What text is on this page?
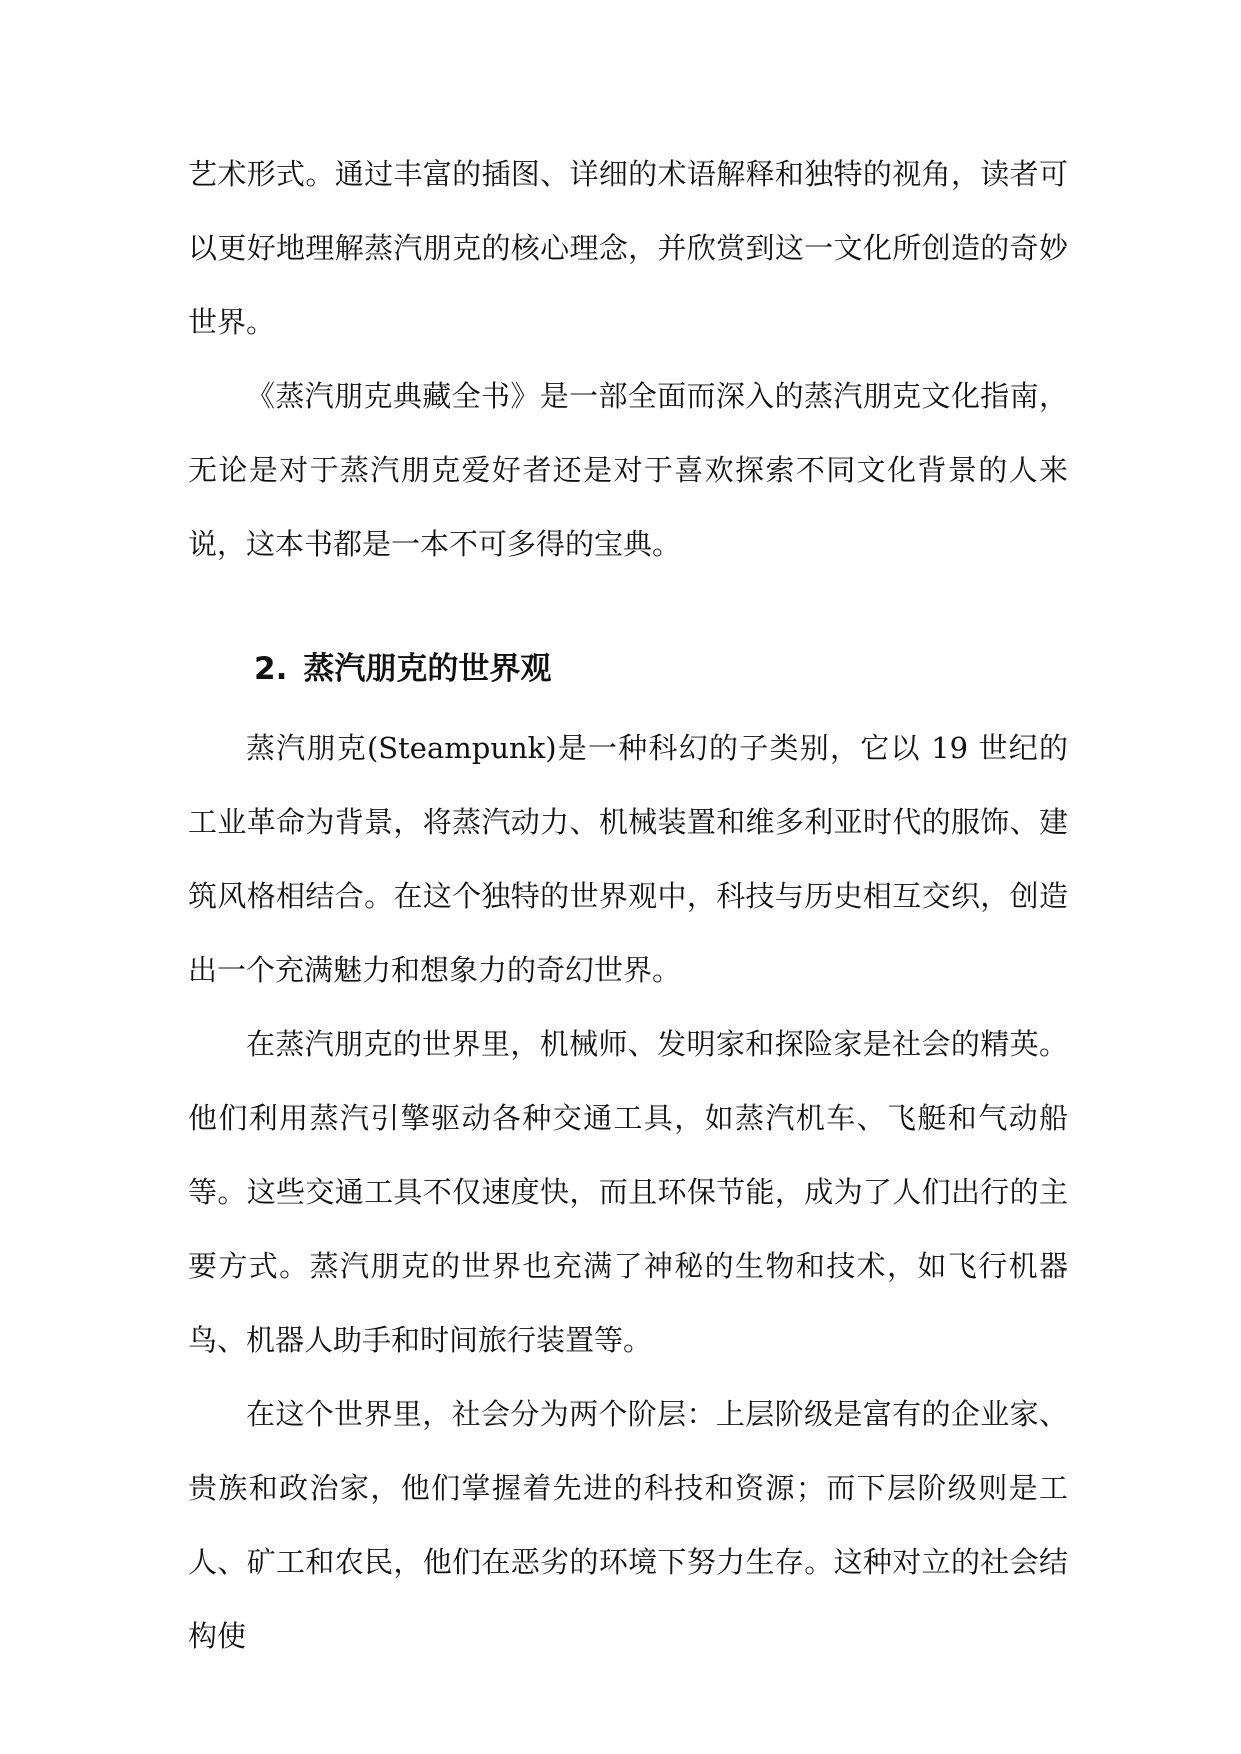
艺术形式。通过丰富的插图、详细的术语解释和独特的视角，读者可以更好地理解蒸汽朋克的核心理念，并欣赏到这一文化所创造的奇妙世界。

《蒸汽朋克典藏全书》是一部全面而深入的蒸汽朋克文化指南，无论是对于蒸汽朋克爱好者还是对于喜欢探索不同文化背景的人来说，这本书都是一本不可多得的宝典。

2. 蒸汽朋克的世界观

蒸汽朋克(Steampunk)是一种科幻的子类别，它以 19 世纪的工业革命为背景，将蒸汽动力、机械装置和维多利亚时代的服饰、建筑风格相结合。在这个独特的世界观中，科技与历史相互交织，创造出一个充满魅力和想象力的奇幻世界。

在蒸汽朋克的世界里，机械师、发明家和探险家是社会的精英。他们利用蒸汽引擎驱动各种交通工具，如蒸汽机车、飞艇和气动船等。这些交通工具不仅速度快，而且环保节能，成为了人们出行的主要方式。蒸汽朋克的世界也充满了神秘的生物和技术，如飞行机器鸟、机器人助手和时间旅行装置等。

在这个世界里，社会分为两个阶层：上层阶级是富有的企业家、贵族和政治家，他们掌握着先进的科技和资源；而下层阶级则是工人、矿工和农民，他们在恶劣的环境下努力生存。这种对立的社会结构使
